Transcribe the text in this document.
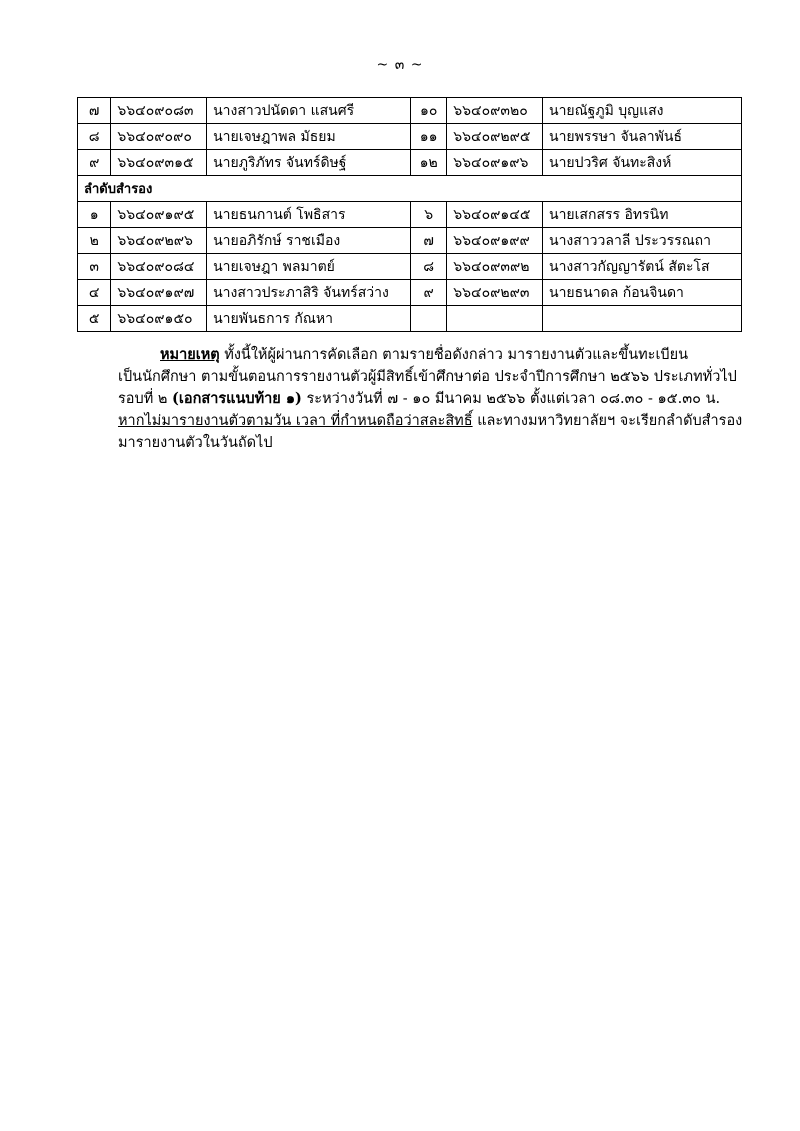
~ ๓ ~
๗	๖๖๔๐๙๐๘๓	นางสาวปนัดดา แสนศรี	๑๐	๖๖๔๐๙๓๒๐	นายณัฐภูมิ บุญแสง
๘	๖๖๔๐๙๐๙๐	นายเจษฎาพล มัธยม	๑๑	๖๖๔๐๙๒๙๕	นายพรรษา จันลาพันธ์
๙	๖๖๔๐๙๓๑๕	นายภูริภัทร จันทร์ดิษฐ์	๑๒	๖๖๔๐๙๑๙๖	นายปวริศ จันทะสิงห์
ลำดับสำรอง					
๑	๖๖๔๐๙๑๙๕	นายธนกานต์ โพธิสาร	๖	๖๖๔๐๙๑๔๕	นายเสกสรร อิทรนิท
๒	๖๖๔๐๙๒๙๖	นายอภิรักษ์ ราชเมือง	๗	๖๖๔๐๙๑๙๙	นางสาววลาลี ประวรรณถา
๓	๖๖๔๐๙๐๘๔	นายเจษฎา พลมาตย์	๘	๖๖๔๐๙๓๙๒	นางสาวกัญญารัตน์ สัตะโส
๔	๖๖๔๐๙๑๙๗	นางสาวประภาสิริ จันทร์สว่าง	๙	๖๖๔๐๙๒๙๓	นายธนาดล ก้อนจินดา
๕	๖๖๔๐๙๑๕๐	นายพันธการ กัณหา			

หมายเหตุ ทั้งนี้ให้ผู้ผ่านการคัดเลือก ตามรายชื่อดังกล่าว มารายงานตัวและขึ้นทะเบียน

เป็นนักศึกษา ตามขั้นตอนการรายงานตัวผู้มีสิทธิ์เข้าศึกษาต่อ ประจำปีการศึกษา ๒๕๖๖ ประเภททั่วไป

รอบที่ ๒ (เอกสารแนบท้าย ๑) ระหว่างวันที่ ๗ - ๑๐ มีนาคม ๒๕๖๖ ตั้งแต่เวลา ๐๘.๓๐ - ๑๕.๓๐ น.

หากไม่มารายงานตัวตามวัน เวลา ที่กำหนดถือว่าสละสิทธิ์ และทางมหาวิทยาลัยฯ จะเรียกลำดับสำรอง

มารายงานตัวในวันถัดไป
